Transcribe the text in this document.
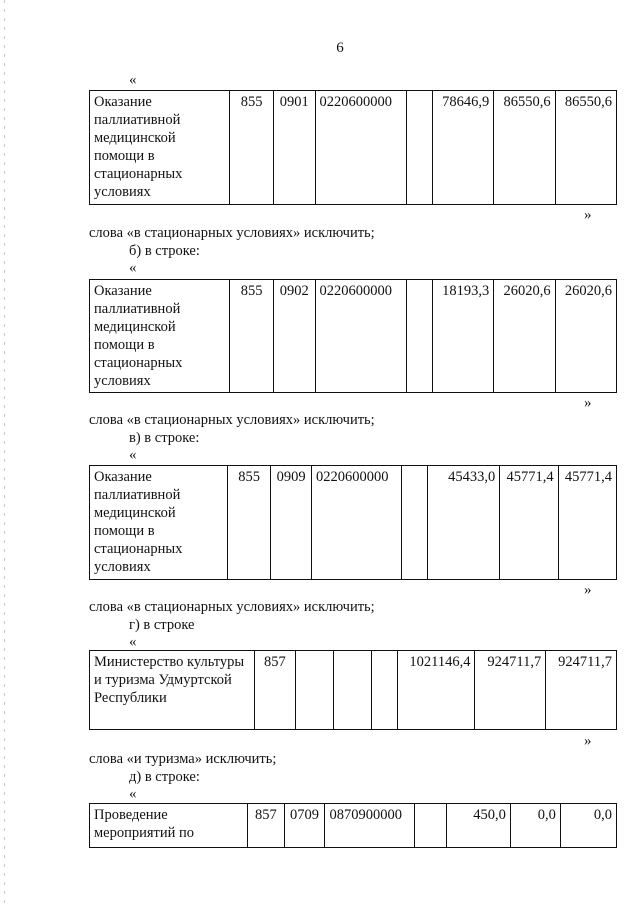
6
«
Оказание паллиативной медицинской помощи в стационарных условиях	855	0901	0220600000		78646,9	86550,6	86550,6
»
слова «в стационарных условиях» исключить;
б) в строке:
«
Оказание паллиативной медицинской помощи в стационарных условиях	855	0902	0220600000		18193,3	26020,6	26020,6
»
слова «в стационарных условиях» исключить;
в) в строке:
«
Оказание паллиативной медицинской помощи в стационарных условиях	855	0909	0220600000		45433,0	45771,4	45771,4
»
слова «в стационарных условиях» исключить;
г) в строке
«
Министерство культуры и туризма Удмуртской Республики	857				1021146,4	924711,7	924711,7
»
слова «и туризма» исключить;
д) в строке:
«
Проведение мероприятий по	857	0709	0870900000		450,0	0,0	0,0
